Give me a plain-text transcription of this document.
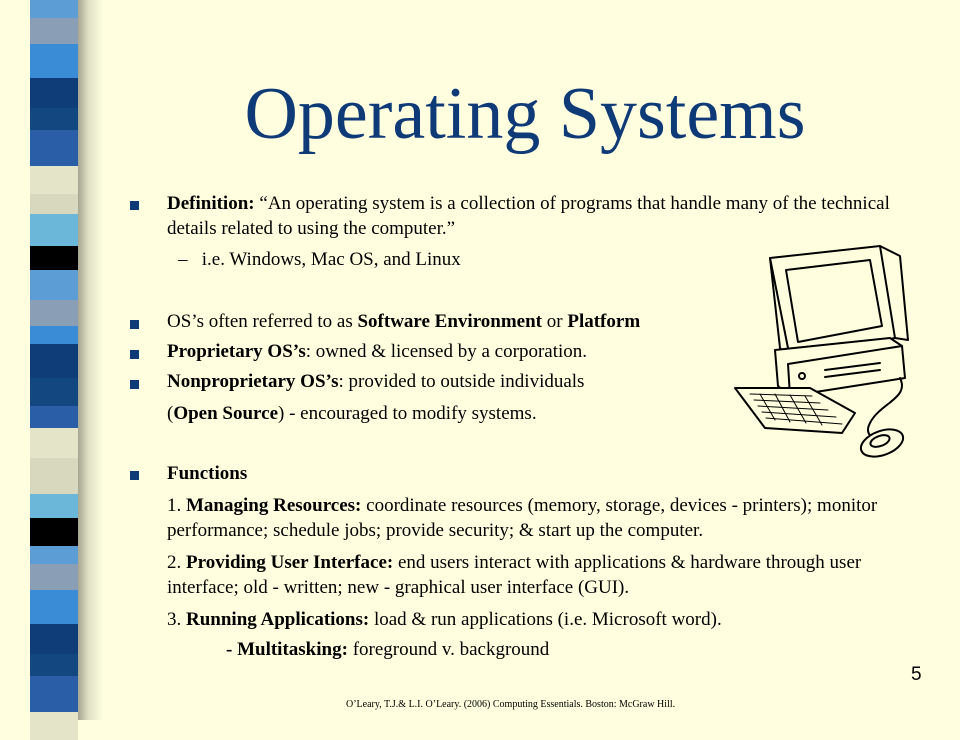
Operating Systems
Definition: “An operating system is a collection of programs that handle many of the technical details related to using the computer.”
– i.e. Windows, Mac OS, and Linux
OS’s often referred to as Software Environment or Platform
Proprietary OS’s: owned & licensed by a corporation.
Nonproprietary OS’s: provided to outside individuals
(Open Source) - encouraged to modify systems.
Functions
1. Managing Resources: coordinate resources (memory, storage, devices - printers); monitor performance; schedule jobs; provide security; & start up the computer.
2. Providing User Interface: end users interact with applications & hardware through user interface; old - written; new - graphical user interface (GUI).
3. Running Applications: load & run applications (i.e. Microsoft word).
- Multitasking: foreground v. background
5
O’Leary, T.J.& L.I. O’Leary. (2006) Computing Essentials. Boston: McGraw Hill.
